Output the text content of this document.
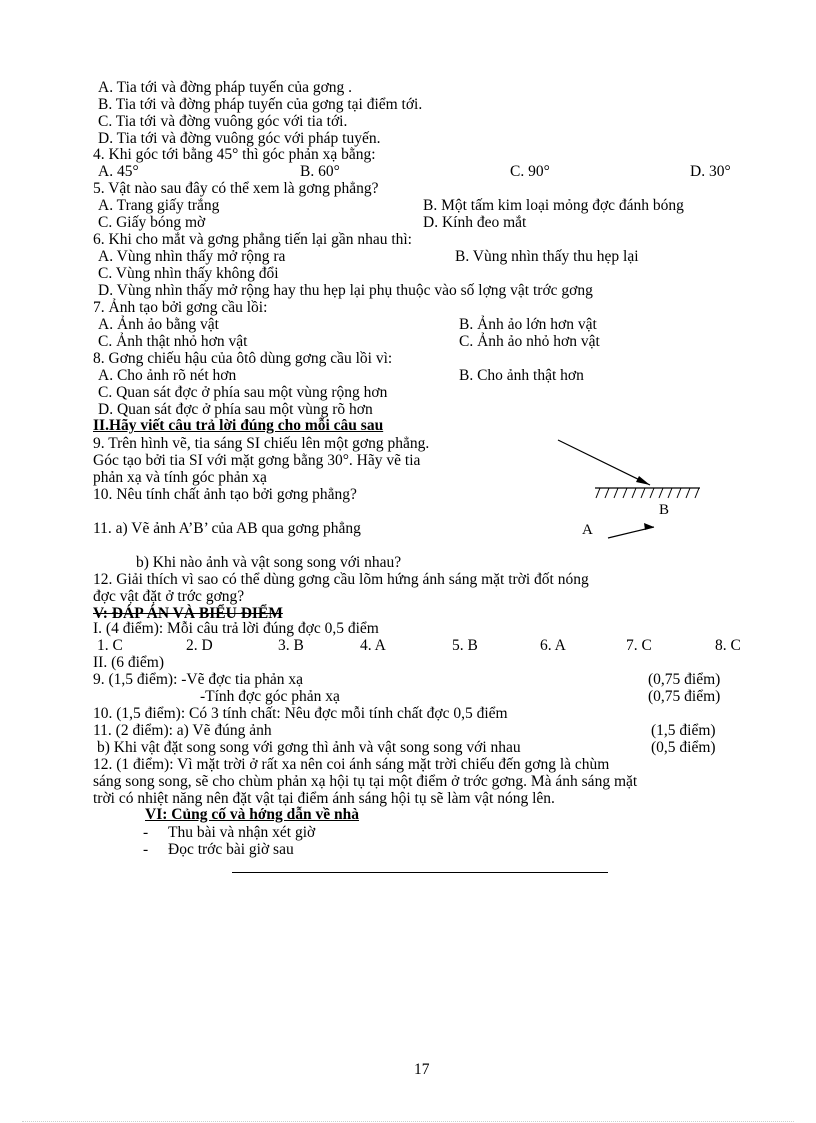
A. Tia tới và đờng pháp tuyến của gơng .
B. Tia tới và đờng pháp tuyến của gơng tại điểm tới.
C. Tia tới và đờng vuông góc với tia tới.
D. Tia tới và đờng vuông góc với pháp tuyến.
4. Khi góc tới bằng 45° thì góc phản xạ bằng:
A. 45°	B. 60°	C. 90°	D. 30°
5. Vật nào sau đây có thể xem là gơng phẳng?
A. Trang giấy trắng	B. Một tấm kim loại mỏng đợc đánh bóng
C. Giấy bóng mờ	D. Kính đeo mắt
6. Khi cho mắt và gơng phẳng tiến lại gần nhau thì:
A. Vùng nhìn thấy mở rộng ra	B. Vùng nhìn thấy thu hẹp lại
C. Vùng nhìn thấy không đổi
D. Vùng nhìn thấy mở rộng hay thu hẹp lại phụ thuộc vào số lợng vật trớc gơng
7. Ảnh tạo bởi gơng cầu lồi:
A. Ảnh ảo bằng vật	B. Ảnh ảo lớn hơn vật
C. Ảnh thật nhỏ hơn vật	C. Ảnh ảo nhỏ hơn vật
8. Gơng chiếu hậu của ôtô dùng gơng cầu lồi vì:
A. Cho ảnh rõ nét hơn	B. Cho ảnh thật hơn
C. Quan sát đợc ở phía sau một vùng rộng hơn
D. Quan sát đợc ở phía sau một vùng rõ hơn
II.Hãy viết câu trả lời đúng cho mỗi câu sau
9. Trên hình vẽ, tia sáng SI chiếu lên một gơng phẳng.
Góc tạo bởi tia SI với mặt gơng bằng 30°. Hãy vẽ tia
phản xạ và tính góc phản xạ
10. Nêu tính chất ảnh tạo bởi gơng phẳng?
11. a) Vẽ ảnh A’B’ của AB qua gơng phẳng
B
A
b) Khi nào ảnh và vật song song với nhau?
12. Giải thích vì sao có thể dùng gơng cầu lõm hứng ánh sáng mặt trời đốt nóng
đợc vật đặt ở trớc gơng?
V: ĐÁP ÁN VÀ BIỂU ĐIỂM
I. (4 điểm): Mỗi câu trả lời đúng đợc 0,5 điểm
1. C	2. D	3. B	4. A	5. B	6. A	7. C	8. C
II. (6 điểm)
9. (1,5 điểm): -Vẽ đợc tia phản xạ	(0,75 điểm)
-Tính đợc góc phản xạ	(0,75 điểm)
10. (1,5 điểm): Có 3 tính chất: Nêu đợc mỗi tính chất đợc 0,5 điểm
11. (2 điểm): a) Vẽ đúng ảnh	(1,5 điểm)
b) Khi vật đặt song song với gơng thì ảnh và vật song song với nhau	(0,5 điểm)
12. (1 điểm): Vì mặt trời ở rất xa nên coi ánh sáng mặt trời chiếu đến gơng là chùm
sáng song song, sẽ cho chùm phản xạ hội tụ tại một điểm ở trớc gơng. Mà ánh sáng mặt
trời có nhiệt năng nên đặt vật tại điểm ánh sáng hội tụ sẽ làm vật nóng lên.
VI: Củng cố và hớng dẫn về nhà
- Thu bài và nhận xét giờ
- Đọc trớc bài giờ sau
17
